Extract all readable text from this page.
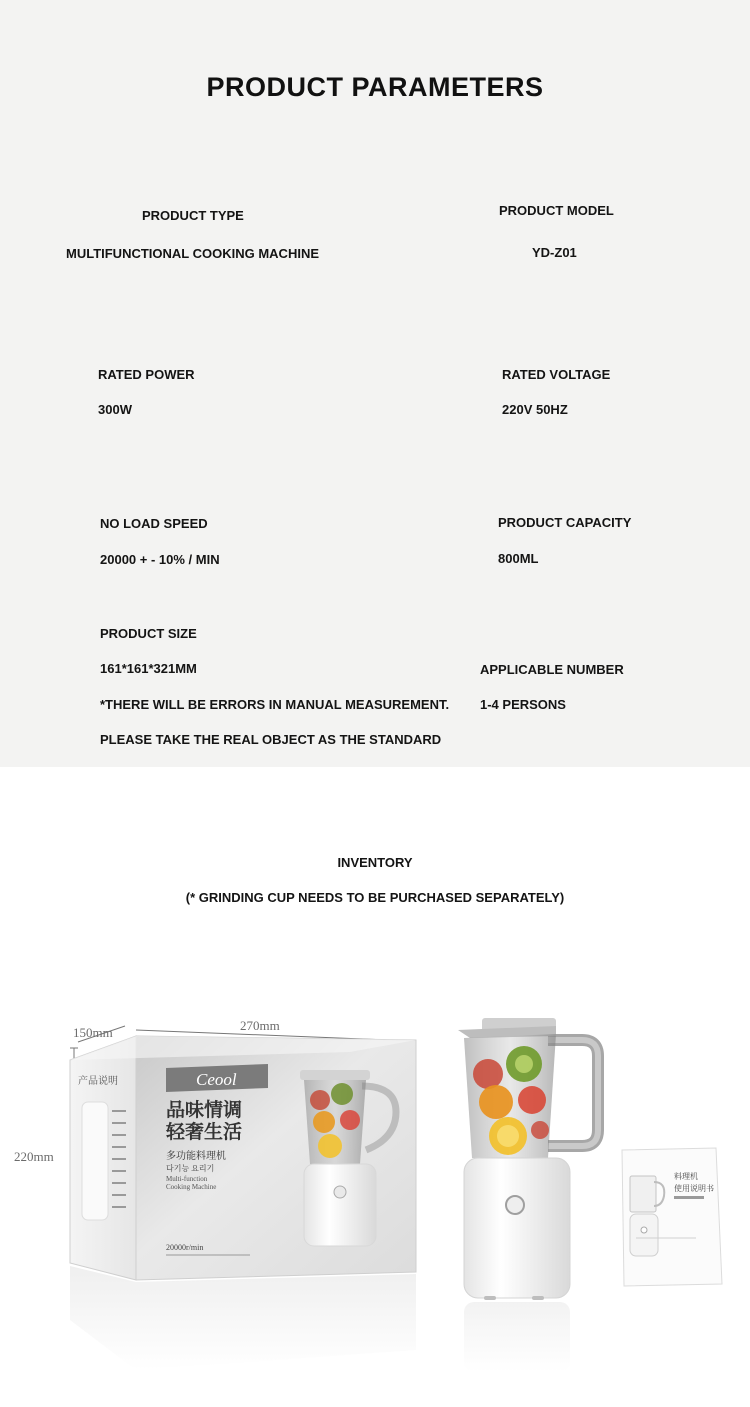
PRODUCT PARAMETERS
PRODUCT TYPE
MULTIFUNCTIONAL COOKING MACHINE
PRODUCT MODEL
YD-Z01
RATED POWER
300W
RATED VOLTAGE
220V 50HZ
NO LOAD SPEED
20000 + - 10% / MIN
PRODUCT CAPACITY
800ML
PRODUCT SIZE
161*161*321MM
*THERE WILL BE ERRORS IN MANUAL MEASUREMENT.
PLEASE TAKE THE REAL OBJECT AS THE STANDARD
APPLICABLE NUMBER
1-4 PERSONS
INVENTORY
(* GRINDING CUP NEEDS TO BE PURCHASED SEPARATELY)
150mm	270mm
220mm
产品说明	Ceool
品味情调
轻奢生活
多功能料理机
다기능 요리기
Multi-function
Cooking Machine
20000r/min
料理机
使用说明书
